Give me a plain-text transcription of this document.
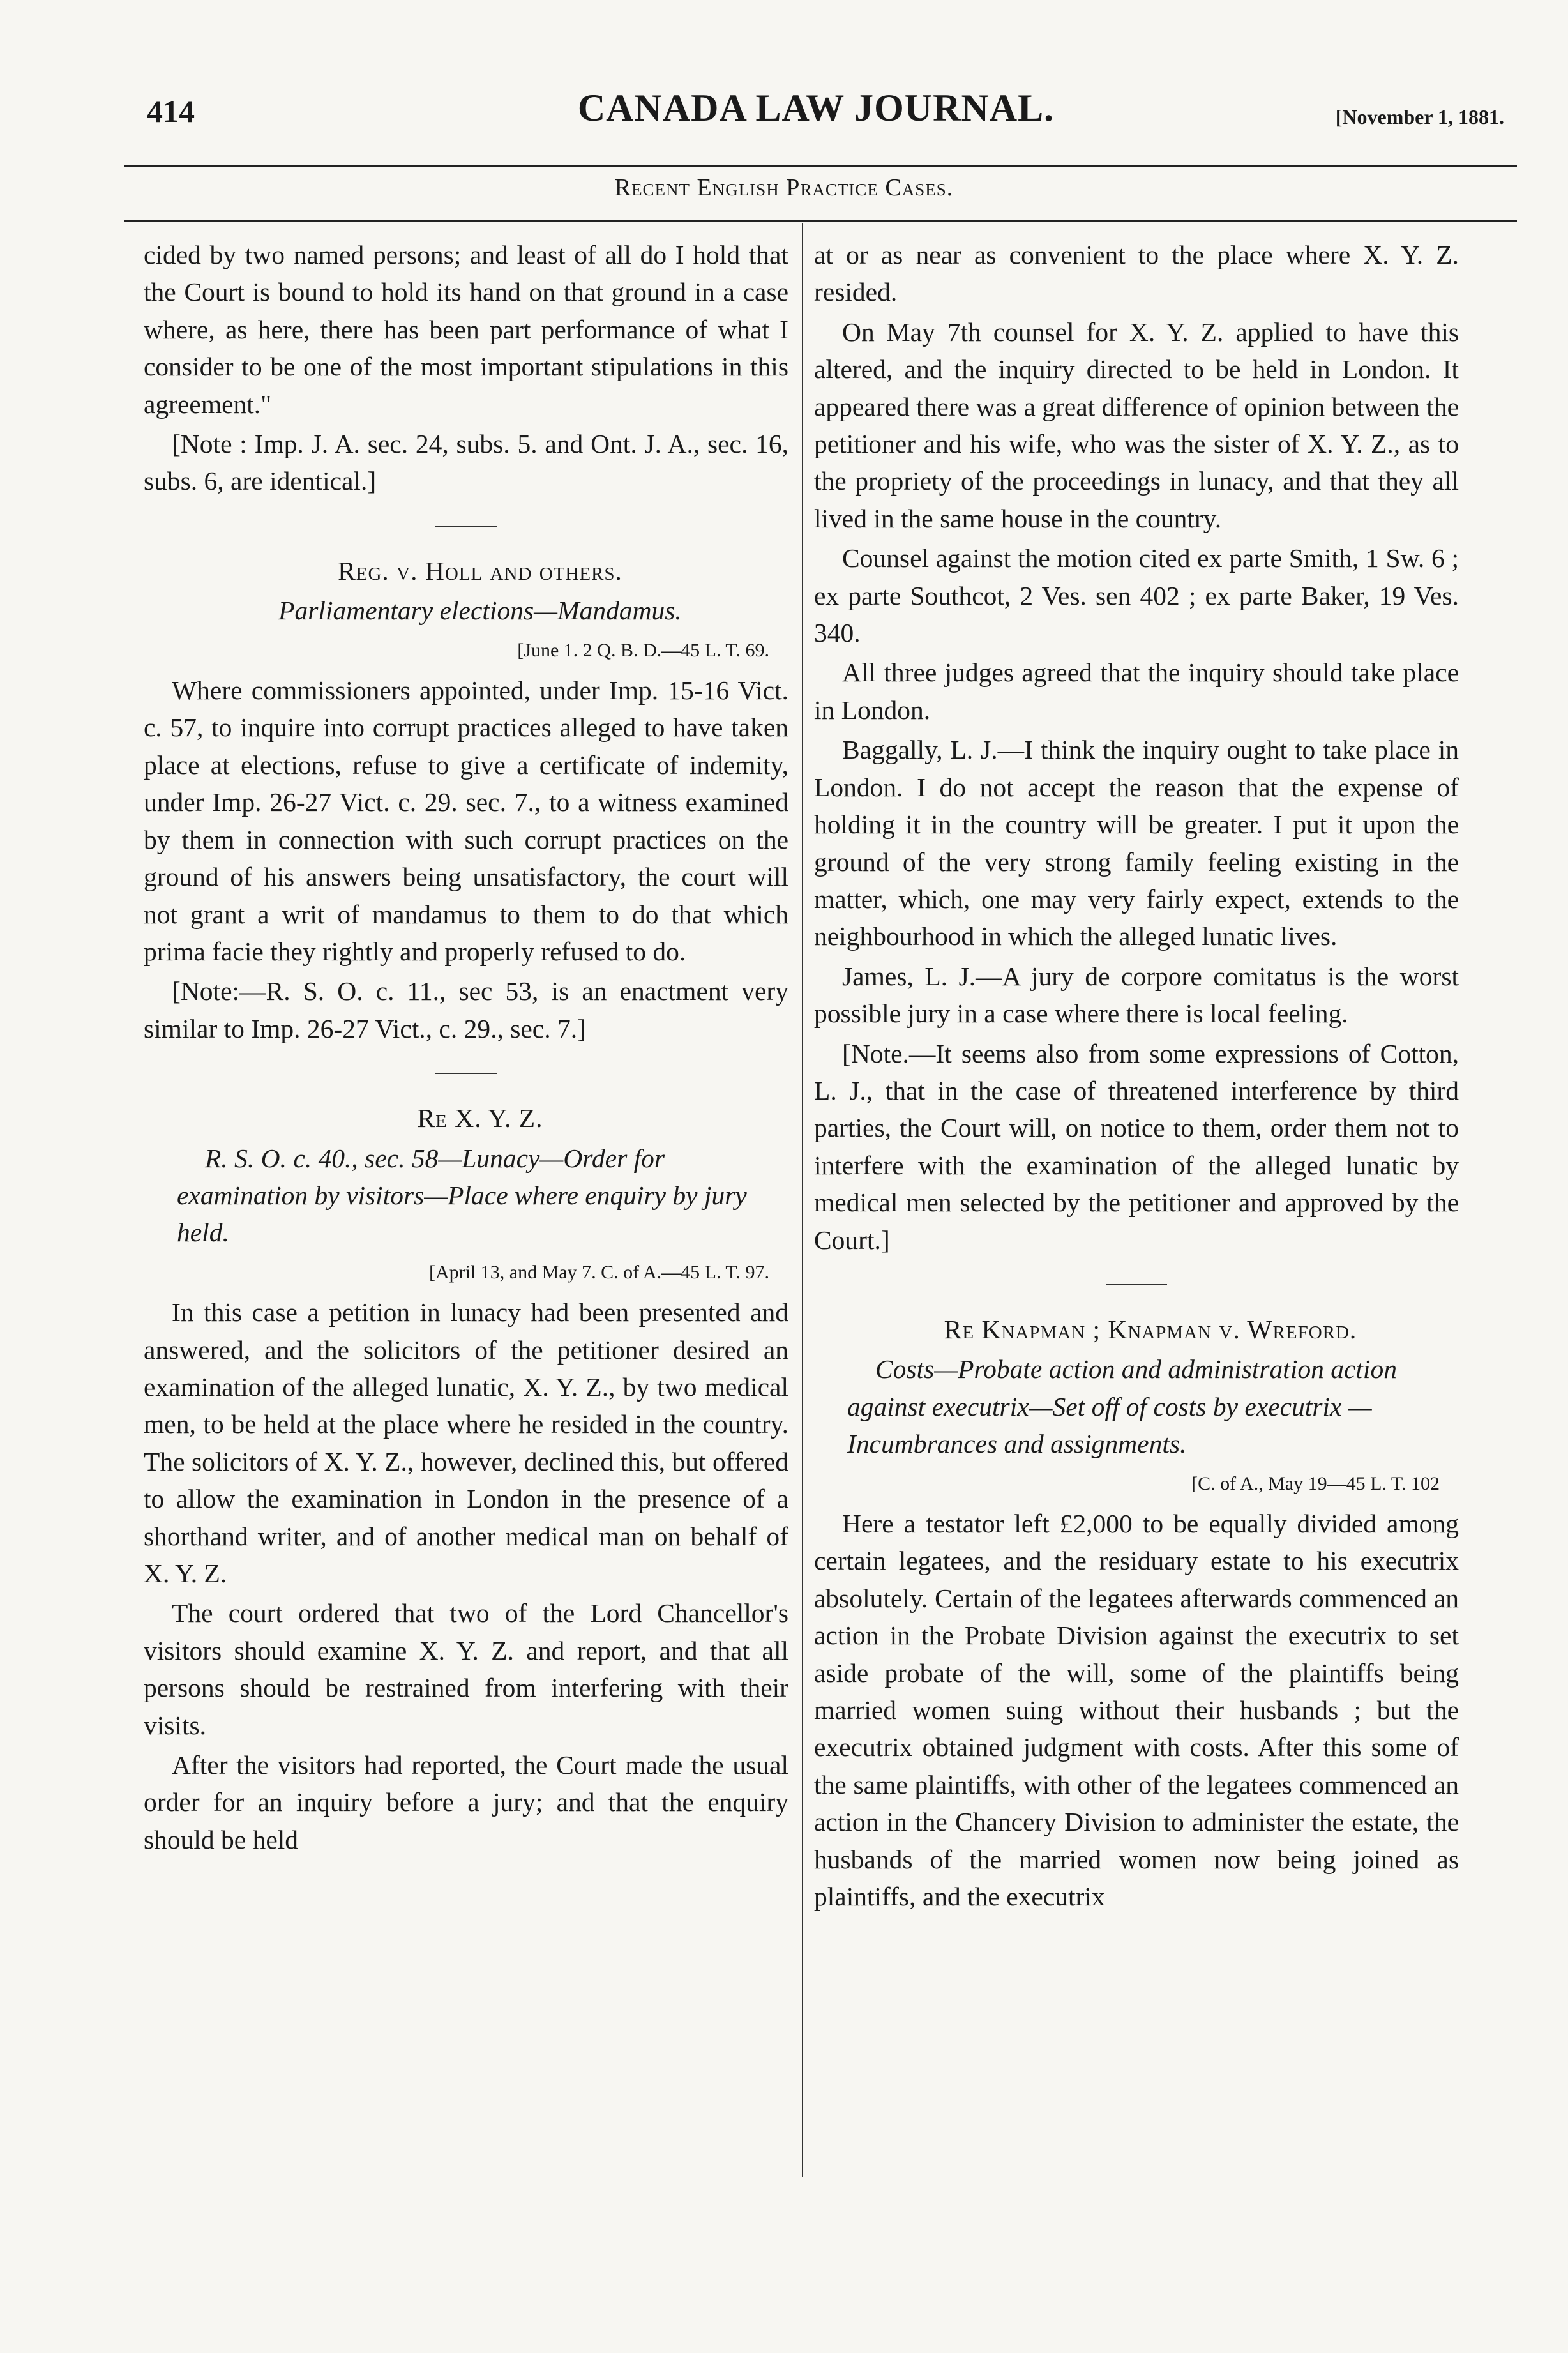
414	CANADA LAW JOURNAL.	[November 1, 1881.
Recent English Practice Cases.

cided by two named persons; and least of all do I hold that the Court is bound to hold its hand on that ground in a case where, as here, there has been part performance of what I consider to be one of the most important stipulations in this agreement."

[Note : Imp. J. A. sec. 24, subs. 5. and Ont. J. A., sec. 16, subs. 6, are identical.]

Reg. v. Holl and others.

Parliamentary elections—Mandamus.

[June 1. 2 Q. B. D.—45 L. T. 69.

Where commissioners appointed, under Imp. 15-16 Vict. c. 57, to inquire into corrupt practices alleged to have taken place at elections, refuse to give a certificate of indemity, under Imp. 26-27 Vict. c. 29. sec. 7., to a witness examined by them in connection with such corrupt practices on the ground of his answers being unsatisfactory, the court will not grant a writ of mandamus to them to do that which prima facie they rightly and properly refused to do.

[Note:—R. S. O. c. 11., sec 53, is an enactment very similar to Imp. 26-27 Vict., c. 29., sec. 7.]

Re X. Y. Z.

R. S. O. c. 40., sec. 58—Lunacy—Order for examination by visitors—Place where enquiry by jury held.

[April 13, and May 7. C. of A.—45 L. T. 97.

In this case a petition in lunacy had been presented and answered, and the solicitors of the petitioner desired an examination of the alleged lunatic, X. Y. Z., by two medical men, to be held at the place where he resided in the country. The solicitors of X. Y. Z., however, declined this, but offered to allow the examination in London in the presence of a shorthand writer, and of another medical man on behalf of X. Y. Z.

The court ordered that two of the Lord Chancellor's visitors should examine X. Y. Z. and report, and that all persons should be restrained from interfering with their visits.

After the visitors had reported, the Court made the usual order for an inquiry before a jury; and that the enquiry should be held

at or as near as convenient to the place where X. Y. Z. resided.

On May 7th counsel for X. Y. Z. applied to have this altered, and the inquiry directed to be held in London. It appeared there was a great difference of opinion between the petitioner and his wife, who was the sister of X. Y. Z., as to the propriety of the proceedings in lunacy, and that they all lived in the same house in the country.

Counsel against the motion cited ex parte Smith, 1 Sw. 6 ; ex parte Southcot, 2 Ves. sen 402 ; ex parte Baker, 19 Ves. 340.

All three judges agreed that the inquiry should take place in London.

Baggally, L. J.—I think the inquiry ought to take place in London. I do not accept the reason that the expense of holding it in the country will be greater. I put it upon the ground of the very strong family feeling existing in the matter, which, one may very fairly expect, extends to the neighbourhood in which the alleged lunatic lives.

James, L. J.—A jury de corpore comitatus is the worst possible jury in a case where there is local feeling.

[Note.—It seems also from some expressions of Cotton, L. J., that in the case of threatened interference by third parties, the Court will, on notice to them, order them not to interfere with the examination of the alleged lunatic by medical men selected by the petitioner and approved by the Court.]

Re Knapman ; Knapman v. Wreford.

Costs—Probate action and administration action against executrix—Set off of costs by executrix —Incumbrances and assignments.

[C. of A., May 19—45 L. T. 102

Here a testator left £2,000 to be equally divided among certain legatees, and the residuary estate to his executrix absolutely. Certain of the legatees afterwards commenced an action in the Probate Division against the executrix to set aside probate of the will, some of the plaintiffs being married women suing without their husbands ; but the executrix obtained judgment with costs. After this some of the same plaintiffs, with other of the legatees commenced an action in the Chancery Division to administer the estate, the husbands of the married women now being joined as plaintiffs, and the executrix
